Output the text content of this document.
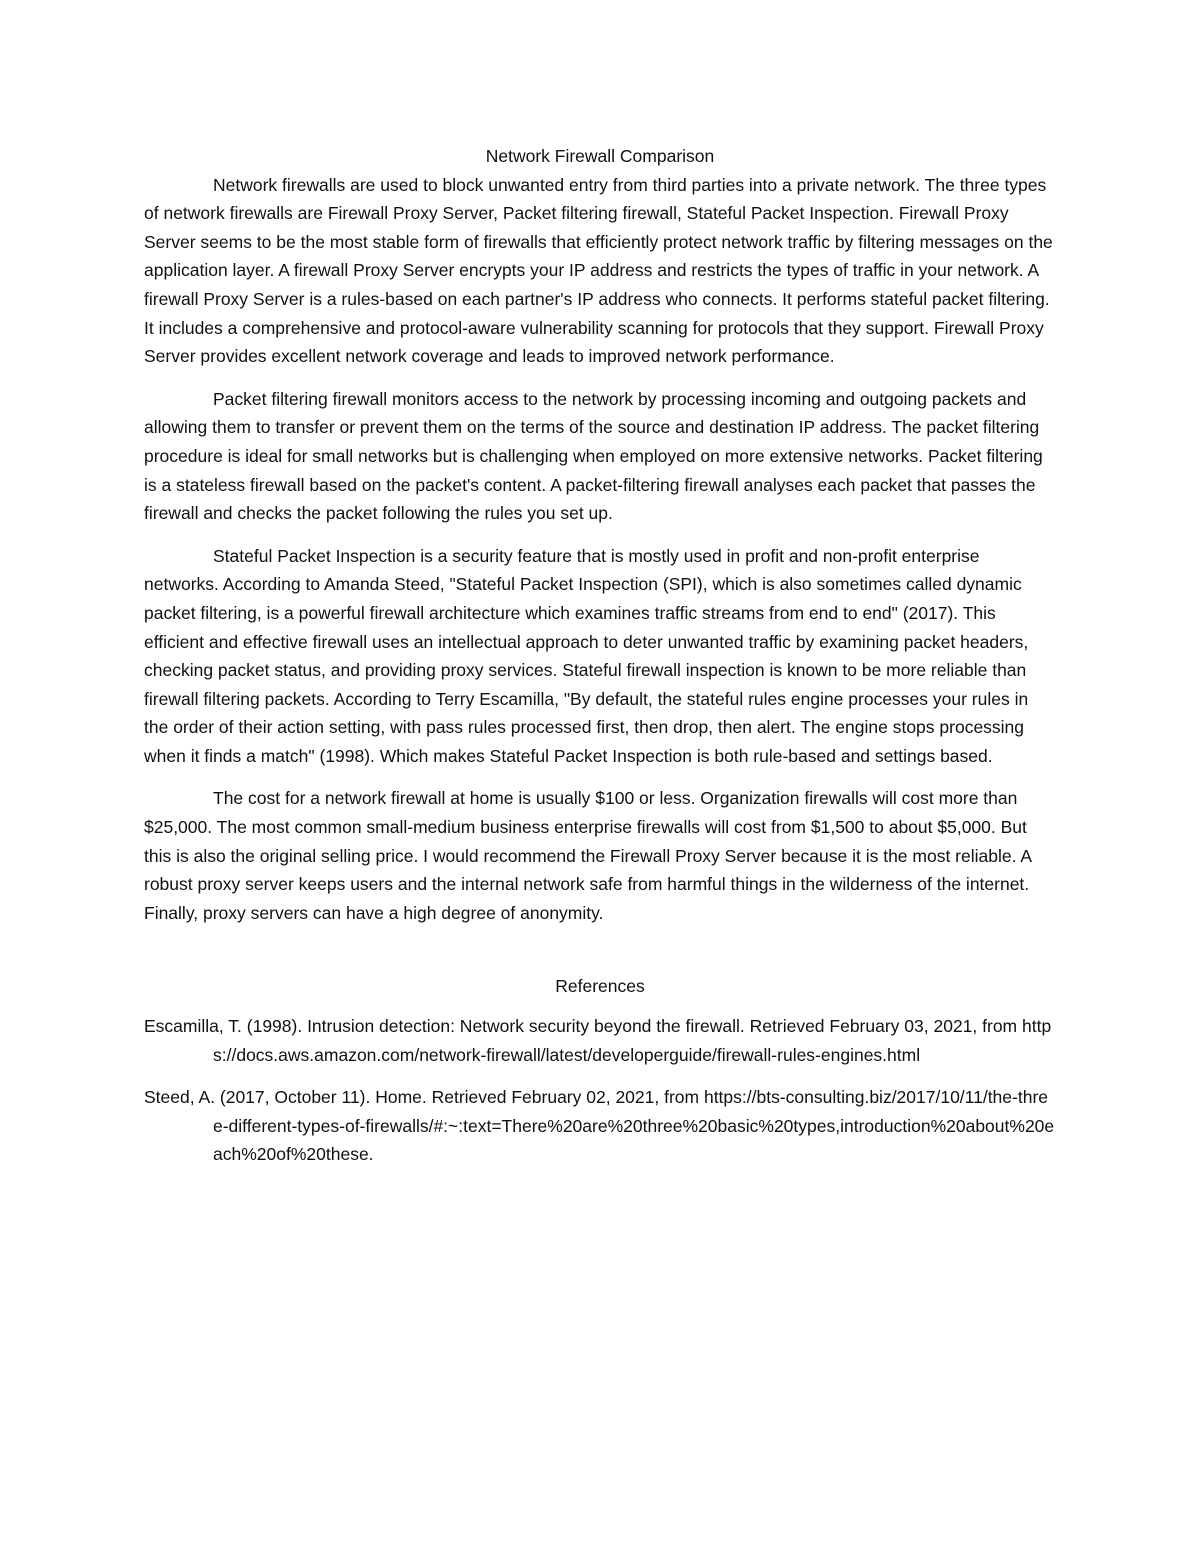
Network Firewall Comparison

Network firewalls are used to block unwanted entry from third parties into a private network. The three types of network firewalls are Firewall Proxy Server, Packet filtering firewall, Stateful Packet Inspection. Firewall Proxy Server seems to be the most stable form of firewalls that efficiently protect network traffic by filtering messages on the application layer. A firewall Proxy Server encrypts your IP address and restricts the types of traffic in your network. A firewall Proxy Server is a rules-based on each partner's IP address who connects. It performs stateful packet filtering. It includes a comprehensive and protocol-aware vulnerability scanning for protocols that they support. Firewall Proxy Server provides excellent network coverage and leads to improved network performance.

Packet filtering firewall monitors access to the network by processing incoming and outgoing packets and allowing them to transfer or prevent them on the terms of the source and destination IP address. The packet filtering procedure is ideal for small networks but is challenging when employed on more extensive networks. Packet filtering is a stateless firewall based on the packet's content. A packet-filtering firewall analyses each packet that passes the firewall and checks the packet following the rules you set up.

Stateful Packet Inspection is a security feature that is mostly used in profit and non-profit enterprise networks. According to Amanda Steed, "Stateful Packet Inspection (SPI), which is also sometimes called dynamic packet filtering, is a powerful firewall architecture which examines traffic streams from end to end" (2017). This efficient and effective firewall uses an intellectual approach to deter unwanted traffic by examining packet headers, checking packet status, and providing proxy services. Stateful firewall inspection is known to be more reliable than firewall filtering packets. According to Terry Escamilla, "By default, the stateful rules engine processes your rules in the order of their action setting, with pass rules processed first, then drop, then alert. The engine stops processing when it finds a match" (1998). Which makes Stateful Packet Inspection is both rule-based and settings based.

The cost for a network firewall at home is usually $100 or less. Organization firewalls will cost more than $25,000. The most common small-medium business enterprise firewalls will cost from $1,500 to about $5,000. But this is also the original selling price. I would recommend the Firewall Proxy Server because it is the most reliable. A robust proxy server keeps users and the internal network safe from harmful things in the wilderness of the internet. Finally, proxy servers can have a high degree of anonymity.

References

Escamilla, T. (1998). Intrusion detection: Network security beyond the firewall. Retrieved February 03, 2021, from https://docs.aws.amazon.com/network-firewall/latest/developerguide/firewall-rules-engines.html

Steed, A. (2017, October 11). Home. Retrieved February 02, 2021, from https://bts-consulting.biz/2017/10/11/the-three-different-types-of-firewalls/#:~:text=There%20are%20three%20basic%20types,introduction%20about%20each%20of%20these.
